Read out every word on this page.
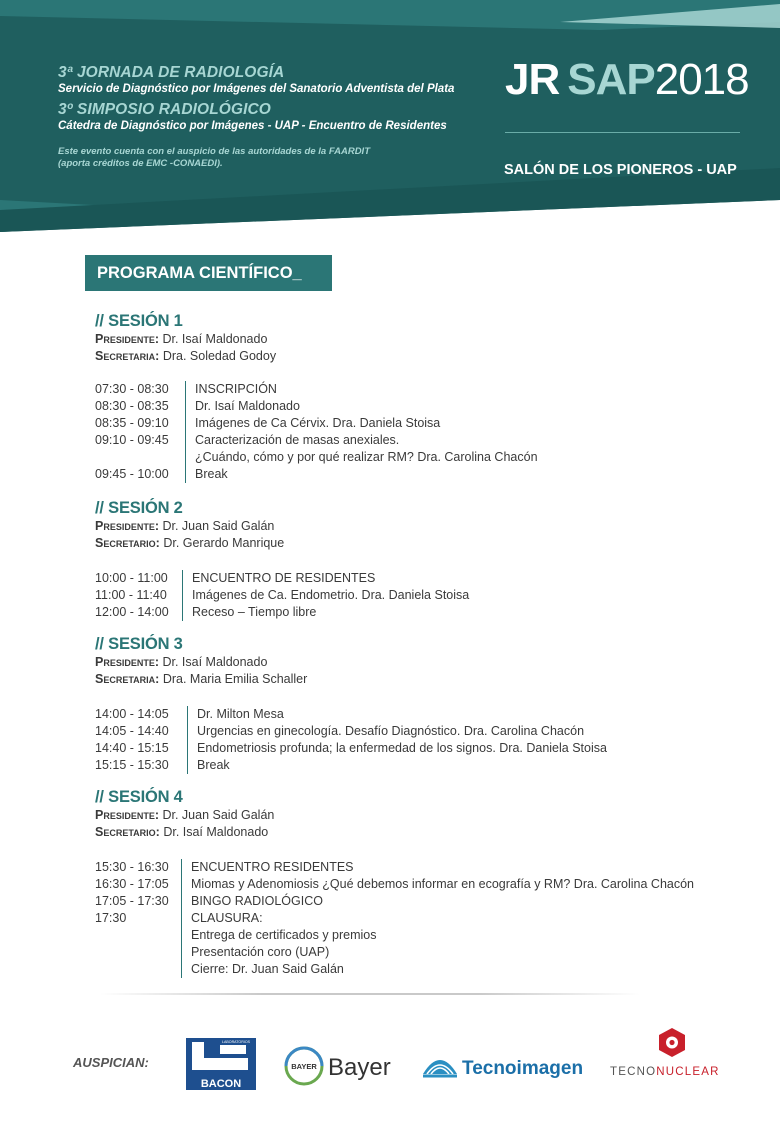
3ª JORNADA DE RADIOLOGÍA
Servicio de Diagnóstico por Imágenes del Sanatorio Adventista del Plata
3º SIMPOSIO RADIOLÓGICO
Cátedra de Diagnóstico por Imágenes - UAP - Encuentro de Residentes
Este evento cuenta con el auspicio de las autoridades de la FAARDIT
(aporta créditos de EMC -CONAEDI).
JR SAP2018
SALÓN DE LOS PIONEROS - UAP
PROGRAMA CIENTÍFICO_
// SESIÓN 1
Presidente: Dr. Isaí Maldonado
Secretaria: Dra. Soledad Godoy
07:30 - 08:30	INSCRIPCIÓN
08:30 - 08:35	Dr. Isaí Maldonado
08:35 - 09:10	Imágenes de Ca Cérvix. Dra. Daniela Stoisa
09:10 - 09:45	Caracterización de masas anexiales.
¿Cuándo, cómo y por qué realizar RM? Dra. Carolina Chacón
09:45 - 10:00	Break
// SESIÓN 2
Presidente: Dr. Juan Said Galán
Secretario: Dr. Gerardo Manrique
10:00 - 11:00	ENCUENTRO DE RESIDENTES
11:00 - 11:40	Imágenes de Ca. Endometrio. Dra. Daniela Stoisa
12:00 - 14:00	Receso – Tiempo libre
// SESIÓN 3
Presidente: Dr. Isaí Maldonado
Secretaria: Dra. Maria Emilia Schaller
14:00 - 14:05	Dr. Milton Mesa
14:05 - 14:40	Urgencias en ginecología. Desafío Diagnóstico. Dra. Carolina Chacón
14:40 - 15:15	Endometriosis profunda; la enfermedad de los signos. Dra. Daniela Stoisa
15:15 - 15:30	Break
// SESIÓN 4
Presidente: Dr. Juan Said Galán
Secretario: Dr. Isaí Maldonado
15:30 - 16:30	ENCUENTRO RESIDENTES
16:30 - 17:05	Miomas y Adenomiosis ¿Qué debemos informar en ecografía y RM? Dra. Carolina Chacón
17:05 - 17:30	BINGO RADIOLÓGICO
17:30	CLAUSURA:
Entrega de certificados y premios
Presentación coro (UAP)
Cierre: Dr. Juan Said Galán
AUSPICIAN:
BACON
LABORATORIOS
BAYER Bayer	Tecnoimagen TECNONUCLEAR
